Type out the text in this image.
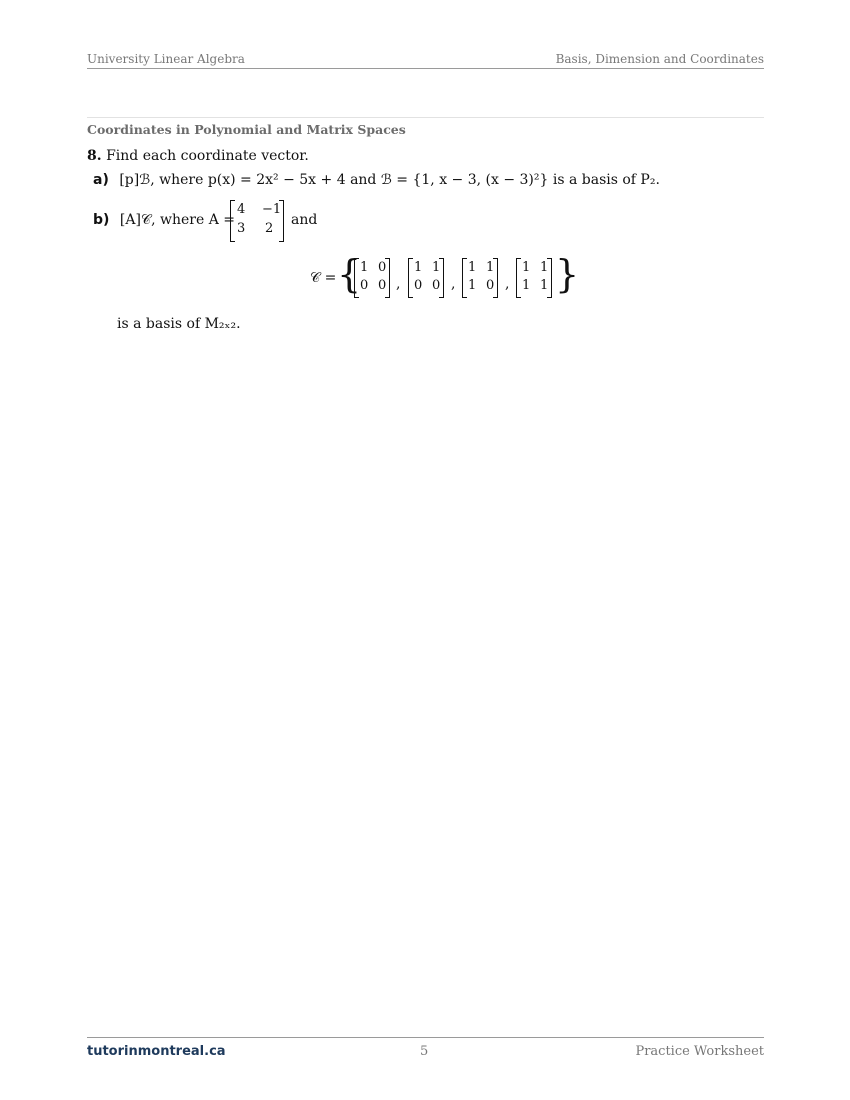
University Linear Algebra	Basis, Dimension and Coordinates
Coordinates in Polynomial and Matrix Spaces
8. Find each coordinate vector.
a) [p]ℬ, where p(x) = 2x² − 5x + 4 and ℬ = {1, x − 3, (x − 3)²} is a basis of P₂.
b) [A]𝒞, where A =
4 −1
3 2
and
𝒞 = {
1 0
0 0 ,
1 1
0 0 ,
1 1
1 0 ,
1 1
1 1 }
is a basis of M₂ₓ₂.
tutorinmontreal.ca	5	Practice Worksheet
